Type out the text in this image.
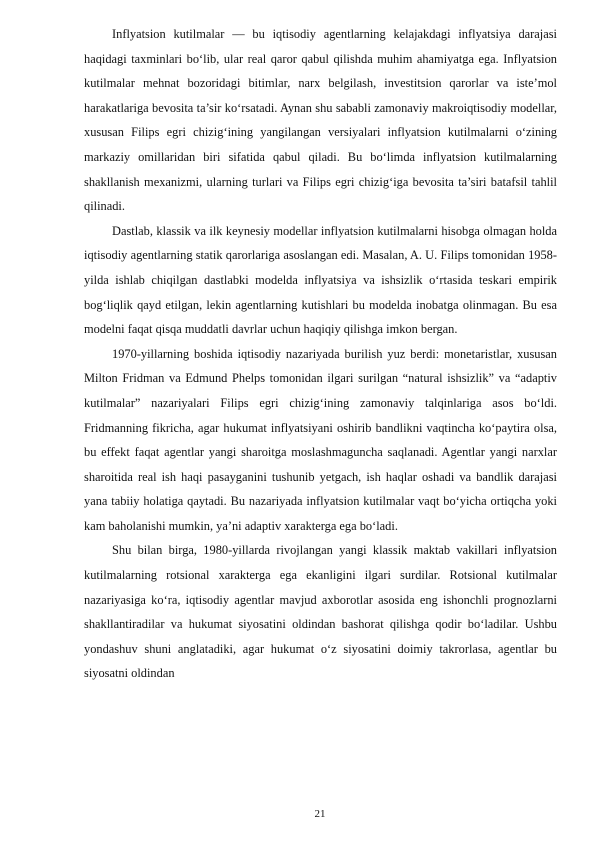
Inflyatsion kutilmalar — bu iqtisodiy agentlarning kelajakdagi inflyatsiya darajasi haqidagi taxminlari bo‘lib, ular real qaror qabul qilishda muhim ahamiyatga ega. Inflyatsion kutilmalar mehnat bozoridagi bitimlar, narx belgilash, investitsion qarorlar va iste’mol harakatlariga bevosita ta’sir ko‘rsatadi. Aynan shu sababli zamonaviy makroiqtisodiy modellar, xususan Filips egri chizig‘ining yangilangan versiyalari inflyatsion kutilmalarni o‘zining markaziy omillaridan biri sifatida qabul qiladi. Bu bo‘limda inflyatsion kutilmalarning shakllanish mexanizmi, ularning turlari va Filips egri chizig‘iga bevosita ta’siri batafsil tahlil qilinadi.

Dastlab, klassik va ilk keynesiy modellar inflyatsion kutilmalarni hisobga olmagan holda iqtisodiy agentlarning statik qarorlariga asoslangan edi. Masalan, A. U. Filips tomonidan 1958-yilda ishlab chiqilgan dastlabki modelda inflyatsiya va ishsizlik o‘rtasida teskari empirik bog‘liqlik qayd etilgan, lekin agentlarning kutishlari bu modelda inobatga olinmagan. Bu esa modelni faqat qisqa muddatli davrlar uchun haqiqiy qilishga imkon bergan.

1970-yillarning boshida iqtisodiy nazariyada burilish yuz berdi: monetaristlar, xususan Milton Fridman va Edmund Phelps tomonidan ilgari surilgan “natural ishsizlik” va “adaptiv kutilmalar” nazariyalari Filips egri chizig‘ining zamonaviy talqinlariga asos bo‘ldi. Fridmanning fikricha, agar hukumat inflyatsiyani oshirib bandlikni vaqtincha ko‘paytira olsa, bu effekt faqat agentlar yangi sharoitga moslashmaguncha saqlanadi. Agentlar yangi narxlar sharoitida real ish haqi pasayganini tushunib yetgach, ish haqlar oshadi va bandlik darajasi yana tabiiy holatiga qaytadi. Bu nazariyada inflyatsion kutilmalar vaqt bo‘yicha ortiqcha yoki kam baholanishi mumkin, ya’ni adaptiv xarakterga ega bo‘ladi.

Shu bilan birga, 1980-yillarda rivojlangan yangi klassik maktab vakillari inflyatsion kutilmalarning rotsional xarakterga ega ekanligini ilgari surdilar. Rotsional kutilmalar nazariyasiga ko‘ra, iqtisodiy agentlar mavjud axborotlar asosida eng ishonchli prognozlarni shakllantiradilar va hukumat siyosatini oldindan bashorat qilishga qodir bo‘ladilar. Ushbu yondashuv shuni anglatadiki, agar hukumat o‘z siyosatini doimiy takrorlasa, agentlar bu siyosatni oldindan

21
